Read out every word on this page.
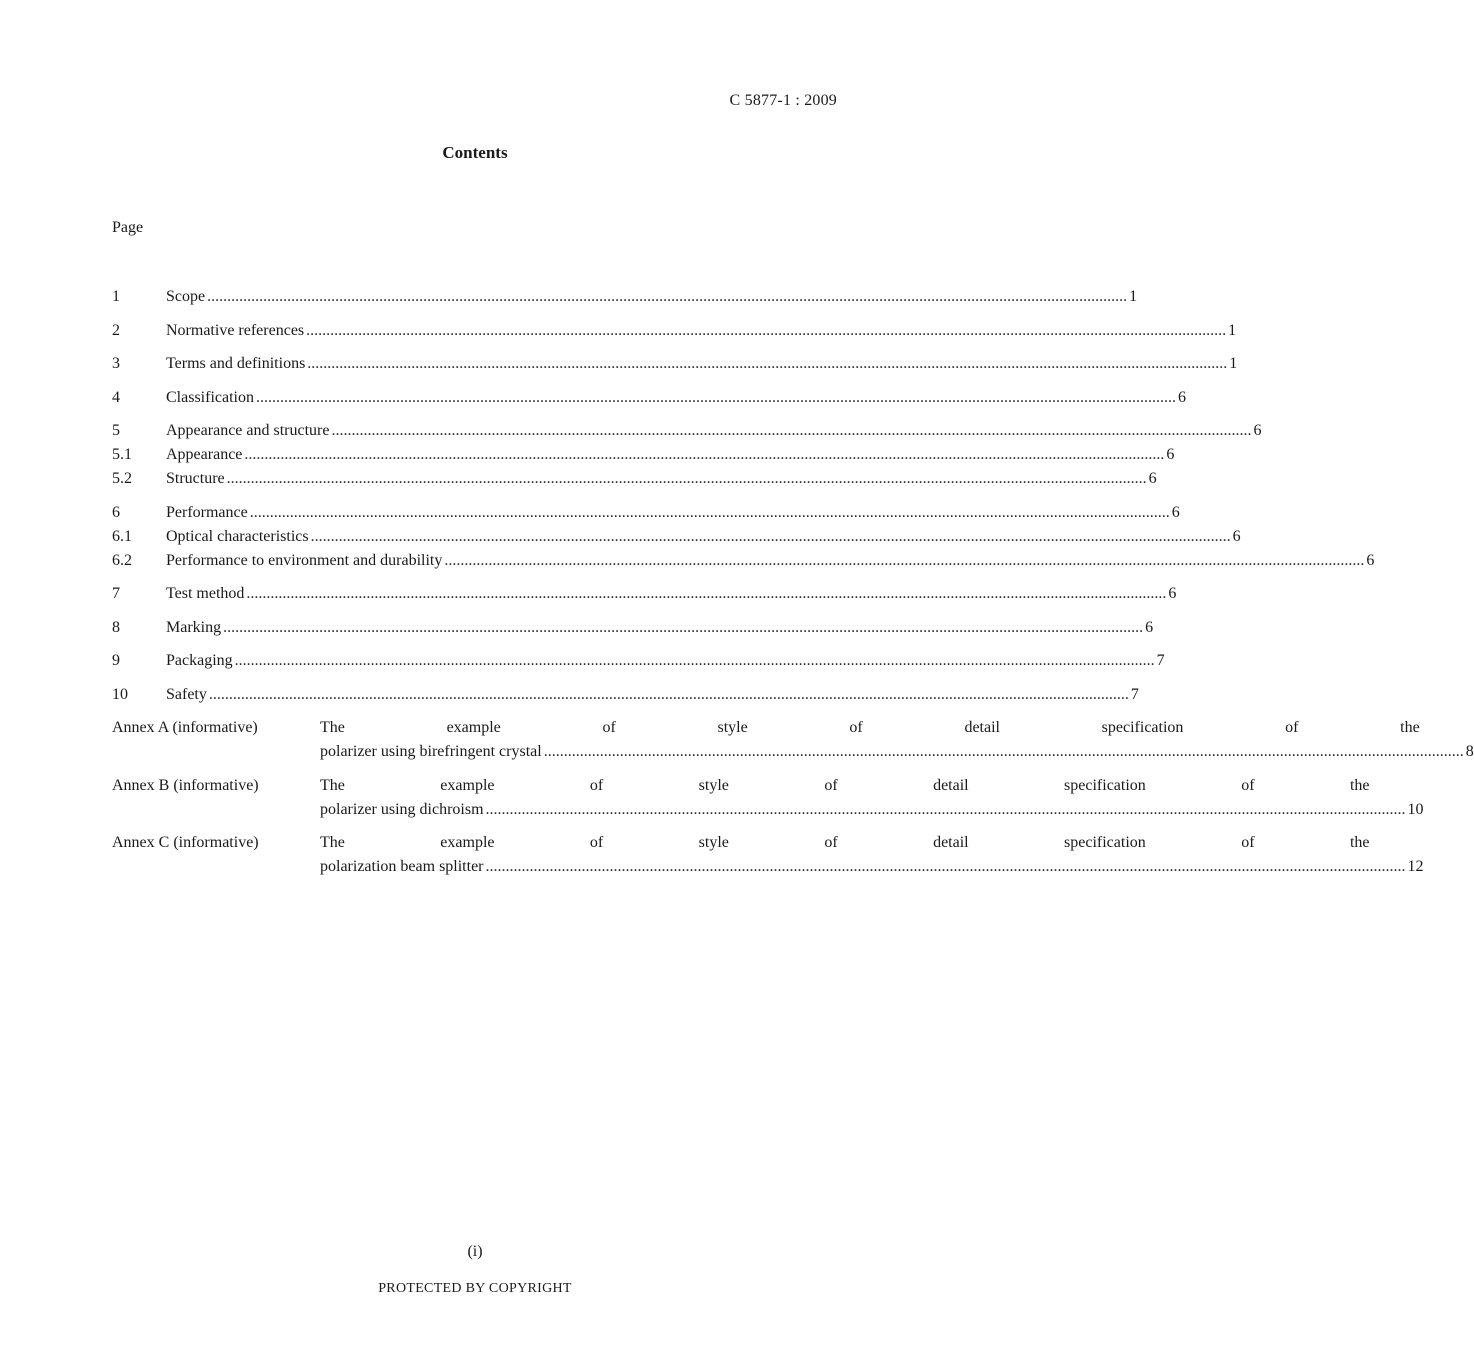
C 5877-1 : 2009
Contents
Page
1	Scope .....	1
2	Normative references .....	1
3	Terms and definitions .....	1
4	Classification .....	6
5	Appearance and structure .....	6
5.1	Appearance .....	6
5.2	Structure .....	6
6	Performance .....	6
6.1	Optical characteristics .....	6
6.2	Performance to environment and durability .....	6
7	Test method .....	6
8	Marking .....	6
9	Packaging .....	7
10	Safety .....	7
Annex A (informative)	The example of style of detail specification of the
polarizer using birefringent crystal .....	8
Annex B (informative)	The example of style of detail specification of the
polarizer using dichroism .....	10
Annex C (informative)	The example of style of detail specification of the
polarization beam splitter .....	12
(i)
PROTECTED BY COPYRIGHT
